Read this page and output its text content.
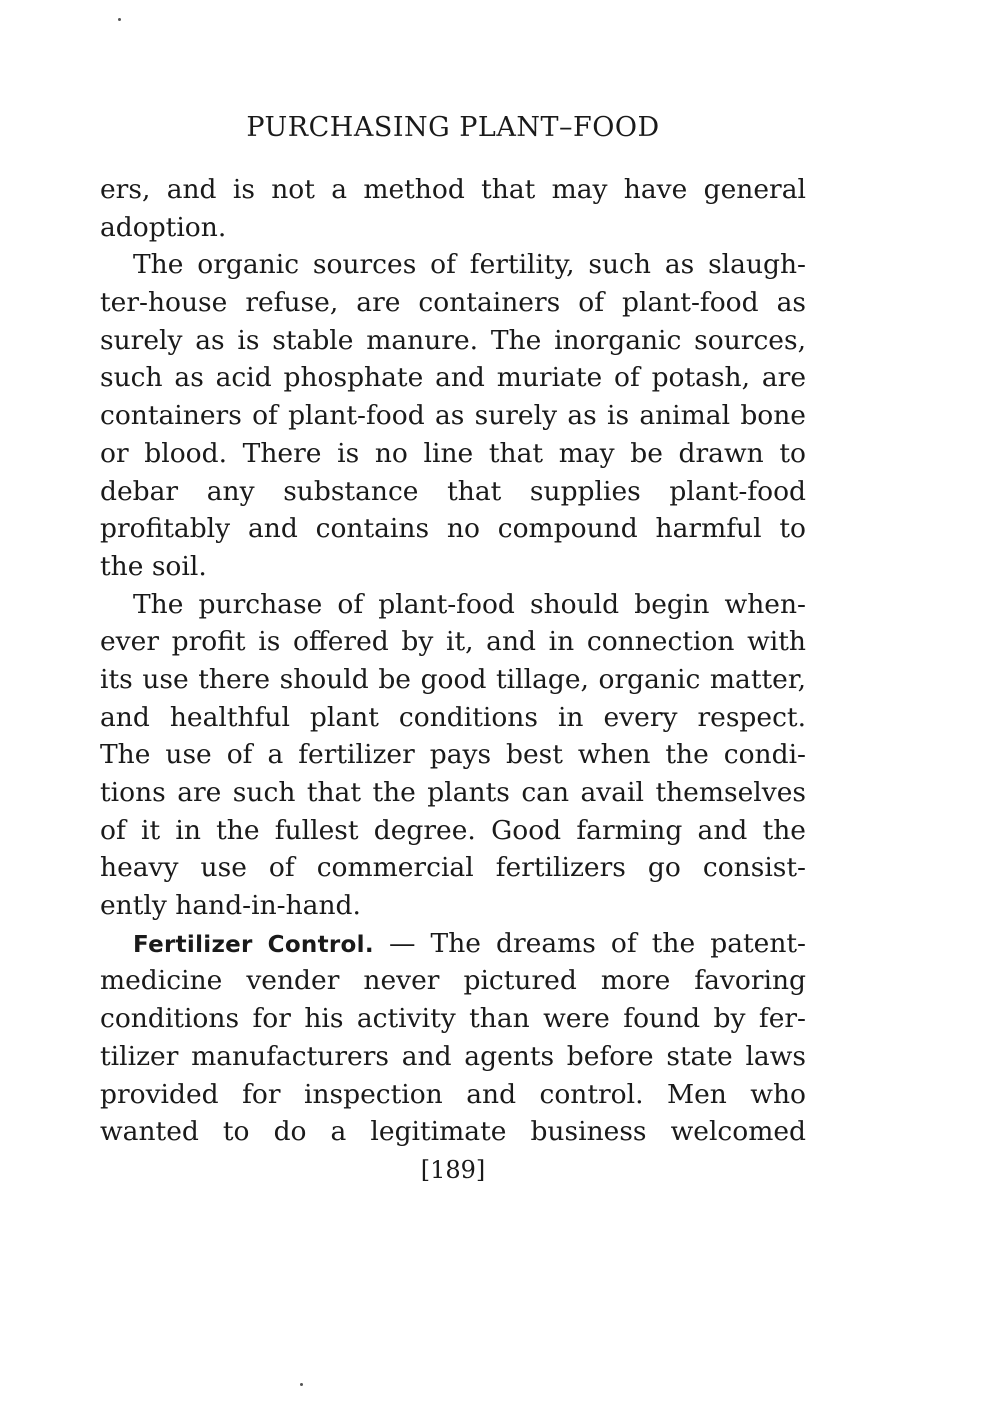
PURCHASING PLANT–FOOD
ers, and is not a method that may have general
adoption.
The organic sources of fertility, such as slaugh-
ter-house refuse, are containers of plant-food as
surely as is stable manure. The inorganic sources,
such as acid phosphate and muriate of potash, are
containers of plant-food as surely as is animal bone
or blood. There is no line that may be drawn to
debar any substance that supplies plant-food
profitably and contains no compound harmful to
the soil.
The purchase of plant-food should begin when-
ever profit is offered by it, and in connection with
its use there should be good tillage, organic matter,
and healthful plant conditions in every respect.
The use of a fertilizer pays best when the condi-
tions are such that the plants can avail themselves
of it in the fullest degree. Good farming and the
heavy use of commercial fertilizers go consist-
ently hand-in-hand.
Fertilizer Control. — The dreams of the patent-
medicine vender never pictured more favoring
conditions for his activity than were found by fer-
tilizer manufacturers and agents before state laws
provided for inspection and control. Men who
wanted to do a legitimate business welcomed
[189]
